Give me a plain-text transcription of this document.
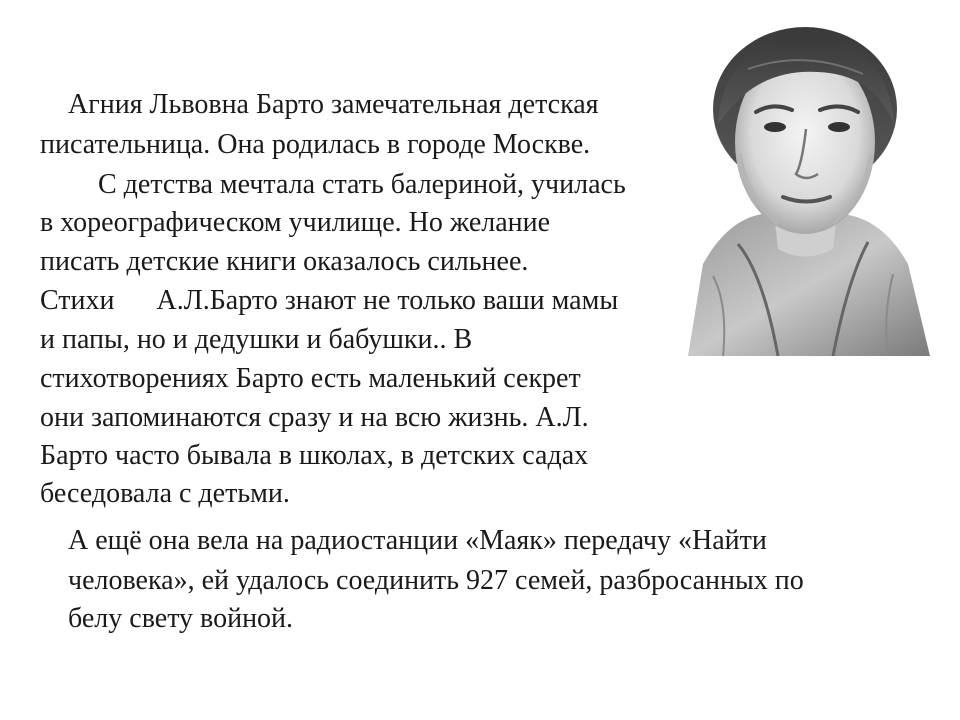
Агния Львовна Барто замечательная детская
писательница. Она родилась в городе Москве.
С детства мечтала стать балериной, училась
в хореографическом училище. Но желание
писать детские книги оказалось сильнее.
Стихи      А.Л.Барто знают не только ваши мамы
и папы, но и дедушки и бабушки.. В
стихотворениях Барто есть маленький секрет
они запоминаются сразу и на всю жизнь. А.Л.
Барто часто бывала в школах, в детских садах
беседовала с детьми.
А ещё она вела на радиостанции «Маяк» передачу «Найти
человека», ей удалось соединить 927 семей, разбросанных по
белу свету войной.
